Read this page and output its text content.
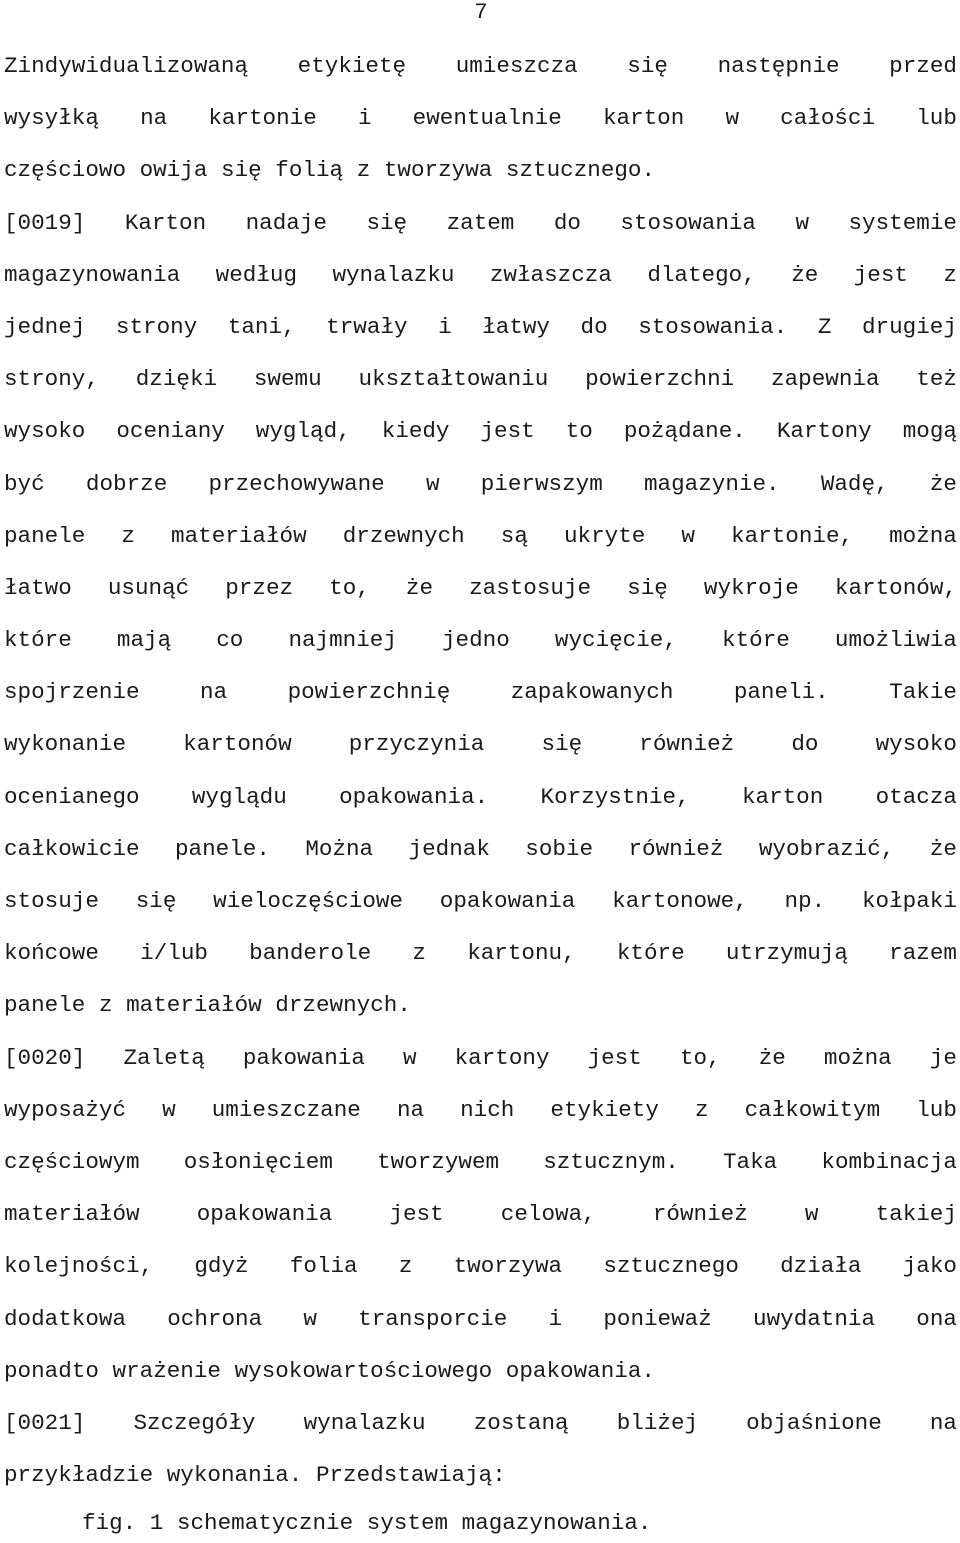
7
Zindywidualizowaną etykietę umieszcza się następnie przed
wysyłką na kartonie i ewentualnie karton w całości lub
częściowo owija się folią z tworzywa sztucznego.
[0019] Karton nadaje się zatem do stosowania w systemie
magazynowania według wynalazku zwłaszcza dlatego, że jest z
jednej strony tani, trwały i łatwy do stosowania. Z drugiej
strony, dzięki swemu ukształtowaniu powierzchni zapewnia też
wysoko oceniany wygląd, kiedy jest to pożądane. Kartony mogą
być dobrze przechowywane w pierwszym magazynie. Wadę, że
panele z materiałów drzewnych są ukryte w kartonie, można
łatwo usunąć przez to, że zastosuje się wykroje kartonów,
które mają co najmniej jedno wycięcie, które umożliwia
spojrzenie	na	powierzchnię	zapakowanych	paneli.	Takie
wykonanie	kartonów	przyczynia	się	również	do	wysoko
ocenianego wyglądu opakowania. Korzystnie, karton otacza
całkowicie panele. Można jednak sobie również wyobrazić, że
stosuje się wieloczęściowe opakowania kartonowe, np. kołpaki
końcowe i/lub banderole z kartonu, które utrzymują razem
panele z materiałów drzewnych.
[0020] Zaletą pakowania w kartony jest to, że można je
wyposażyć w umieszczane na nich etykiety z całkowitym lub
częściowym osłonięciem tworzywem sztucznym. Taka kombinacja
materiałów	opakowania	jest	celowa,	również	w	takiej
kolejności, gdyż folia z tworzywa sztucznego działa jako
dodatkowa ochrona w transporcie i ponieważ uwydatnia ona
ponadto wrażenie wysokowartościowego opakowania.
[0021] Szczegóły wynalazku zostaną bliżej objaśnione na
przykładzie wykonania. Przedstawiają:
fig. 1 schematycznie system magazynowania.
